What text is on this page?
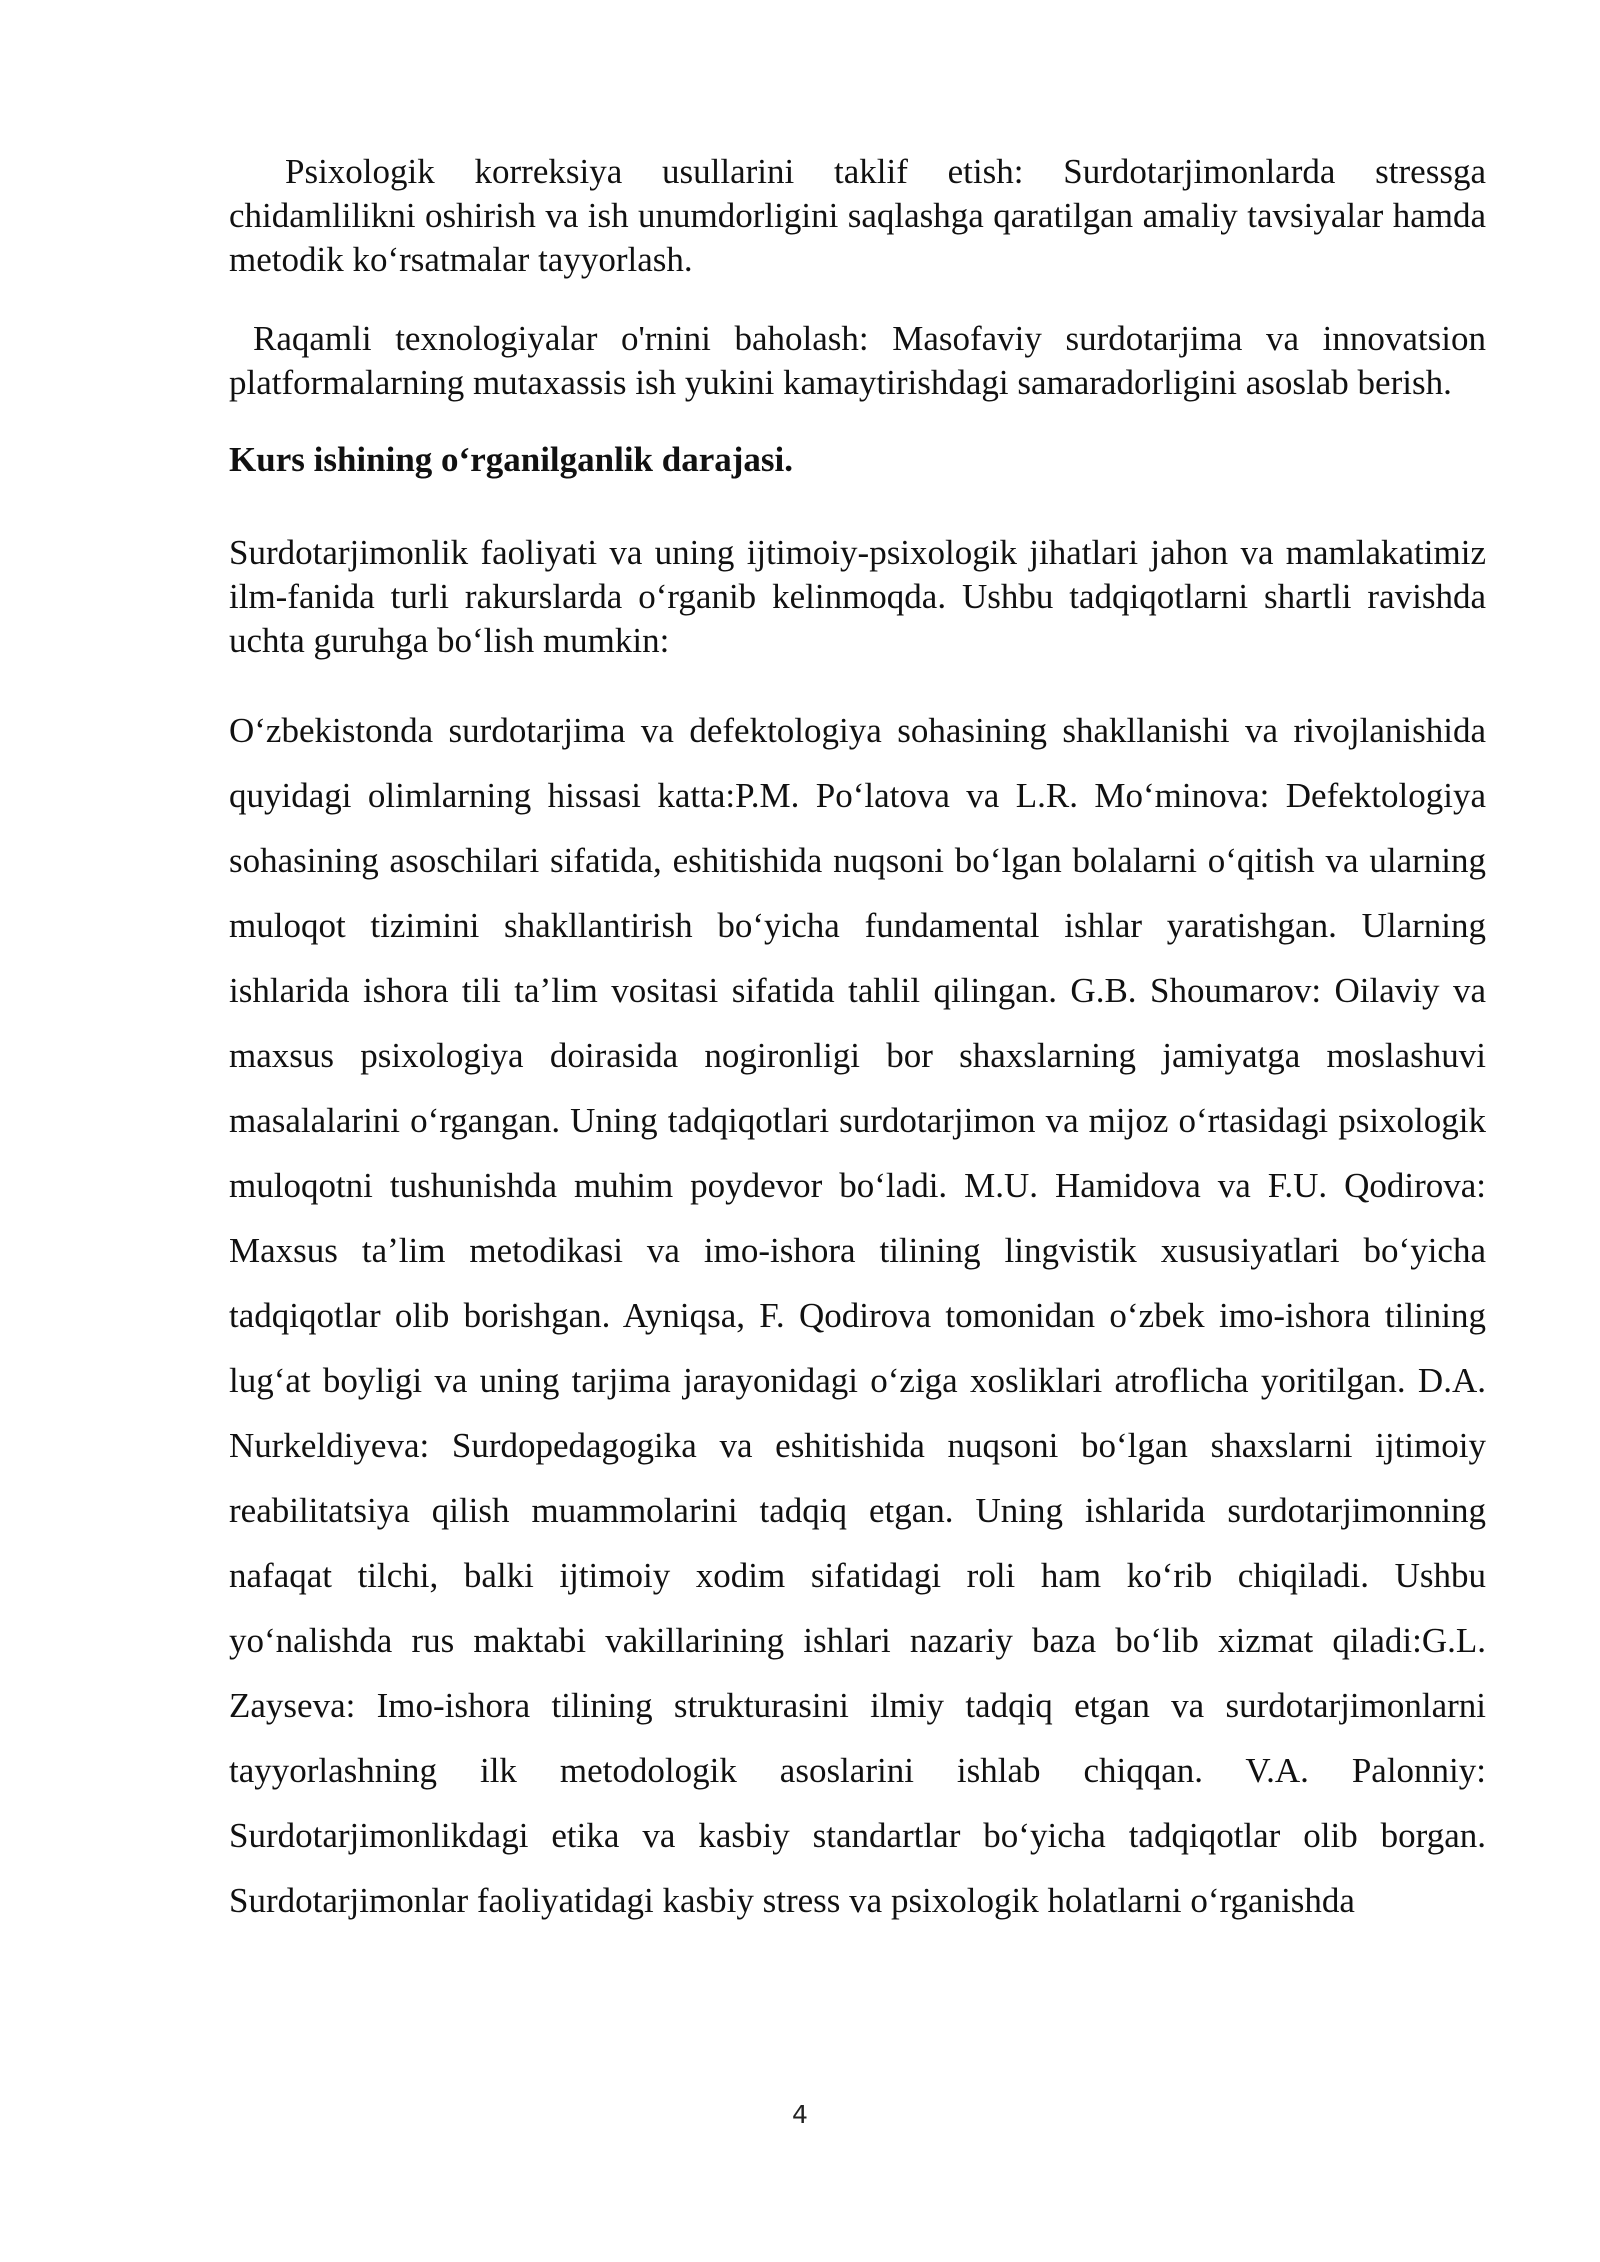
Psixologik korreksiya usullarini taklif etish: Surdotarjimonlarda stressga chidamlilikni oshirish va ish unumdorligini saqlashga qaratilgan amaliy tavsiyalar hamda metodik koʻrsatmalar tayyorlash.

Raqamli texnologiyalar o'rnini baholash: Masofaviy surdotarjima va innovatsion platformalarning mutaxassis ish yukini kamaytirishdagi samaradorligini asoslab berish.

Kurs ishining oʻrganilganlik darajasi.

Surdotarjimonlik faoliyati va uning ijtimoiy-psixologik jihatlari jahon va mamlakatimiz ilm-fanida turli rakurslarda oʻrganib kelinmoqda. Ushbu tadqiqotlarni shartli ravishda uchta guruhga boʻlish mumkin:

Oʻzbekistonda surdotarjima va defektologiya sohasining shakllanishi va rivojlanishida quyidagi olimlarning hissasi katta:P.M. Poʻlatova va L.R. Moʻminova: Defektologiya sohasining asoschilari sifatida, eshitishida nuqsoni boʻlgan bolalarni oʻqitish va ularning muloqot tizimini shakllantirish boʻyicha fundamental ishlar yaratishgan. Ularning ishlarida ishora tili taʼlim vositasi sifatida tahlil qilingan. G.B. Shoumarov: Oilaviy va maxsus psixologiya doirasida nogironligi bor shaxslarning jamiyatga moslashuvi masalalarini oʻrgangan. Uning tadqiqotlari surdotarjimon va mijoz oʻrtasidagi psixologik muloqotni tushunishda muhim poydevor boʻladi. M.U. Hamidova va F.U. Qodirova: Maxsus taʼlim metodikasi va imo-ishora tilining lingvistik xususiyatlari boʻyicha tadqiqotlar olib borishgan. Ayniqsa, F. Qodirova tomonidan oʻzbek imo-ishora tilining lugʻat boyligi va uning tarjima jarayonidagi oʻziga xosliklari atroflicha yoritilgan. D.A. Nurkeldiyeva: Surdopedagogika va eshitishida nuqsoni boʻlgan shaxslarni ijtimoiy reabilitatsiya qilish muammolarini tadqiq etgan. Uning ishlarida surdotarjimonning nafaqat tilchi, balki ijtimoiy xodim sifatidagi roli ham koʻrib chiqiladi. Ushbu yoʻnalishda rus maktabi vakillarining ishlari nazariy baza boʻlib xizmat qiladi:G.L. Zayseva: Imo-ishora tilining strukturasini ilmiy tadqiq etgan va surdotarjimonlarni tayyorlashning ilk metodologik asoslarini ishlab chiqqan. V.A. Palonniy: Surdotarjimonlikdagi etika va kasbiy standartlar boʻyicha tadqiqotlar olib borgan. Surdotarjimonlar faoliyatidagi kasbiy stress va psixologik holatlarni oʻrganishda

4
